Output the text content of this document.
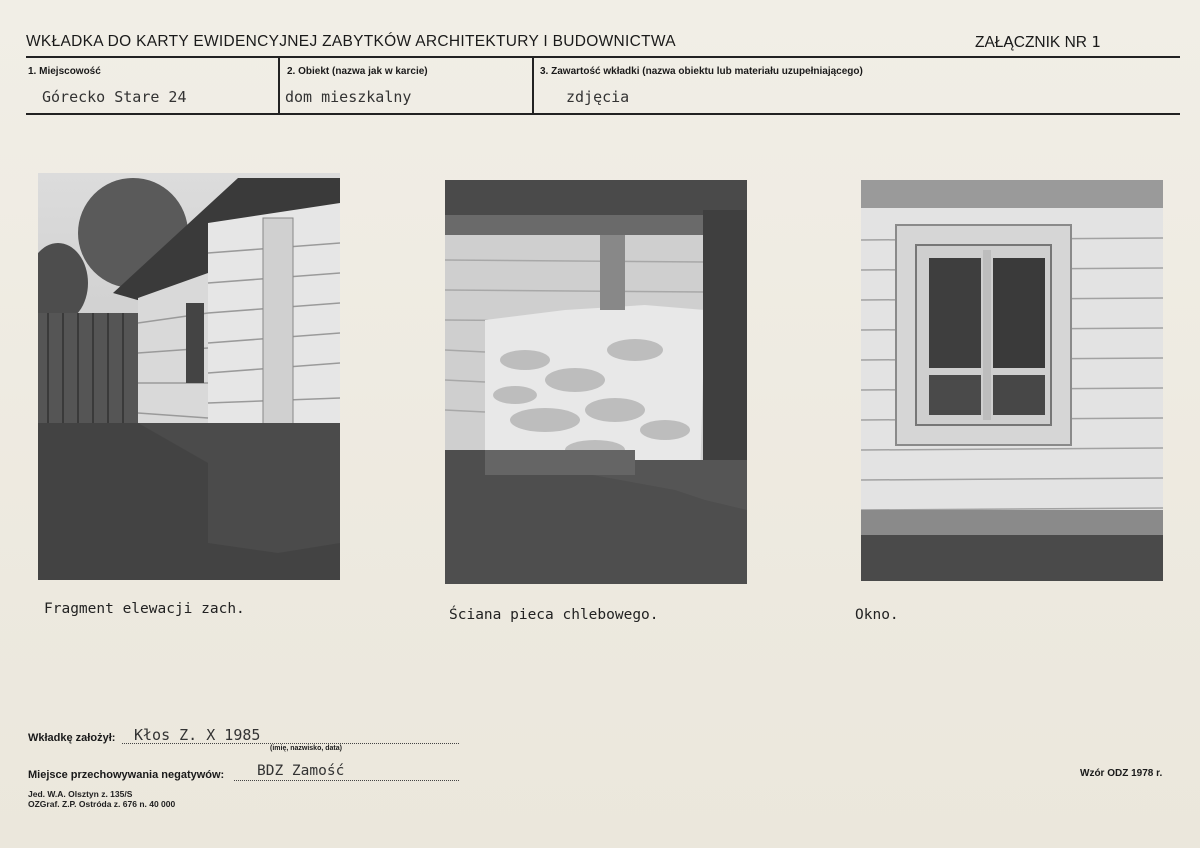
WKŁADKA DO KARTY EWIDENCYJNEJ ZABYTKÓW ARCHITEKTURY I BUDOWNICTWA	ZAŁĄCZNIK NR 1
1. Miejscowość
Górecko Stare 24
2. Obiekt (nazwa jak w karcie)
dom mieszkalny
3. Zawartość wkładki (nazwa obiektu lub materiału uzupełniającego)
zdjęcia
Fragment elewacji zach.	Ściana pieca chlebowego.	Okno.
Wkładkę założył: Kłos Z. X 1985
(imię, nazwisko, data)
Miejsce przechowywania negatywów: BDZ Zamość
Jed. W.A. Olsztyn z. 135/S
OZGraf. Z.P. Ostróda z. 676 n. 40 000
Wzór ODZ 1978 r.
